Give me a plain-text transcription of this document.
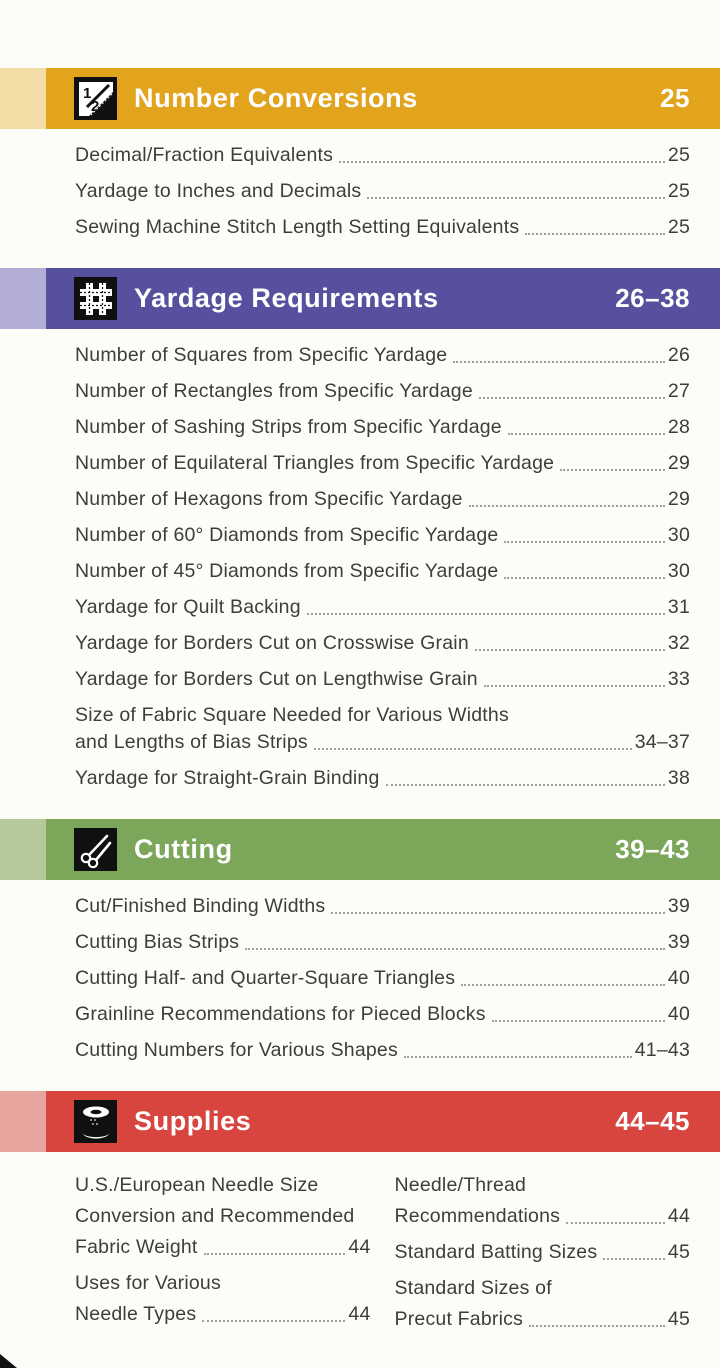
1
2 Number Conversions	25
Decimal/Fraction Equivalents	25
Yardage to Inches and Decimals	25
Sewing Machine Stitch Length Setting Equivalents	25
Yardage Requirements	26–38
Number of Squares from Specific Yardage	26
Number of Rectangles from Specific Yardage	27
Number of Sashing Strips from Specific Yardage	28
Number of Equilateral Triangles from Specific Yardage	29
Number of Hexagons from Specific Yardage	29
Number of 60° Diamonds from Specific Yardage	30
Number of 45° Diamonds from Specific Yardage	30
Yardage for Quilt Backing	31
Yardage for Borders Cut on Crosswise Grain	32
Yardage for Borders Cut on Lengthwise Grain	33
Size of Fabric Square Needed for Various Widths
and Lengths of Bias Strips	34–37
Yardage for Straight-Grain Binding	38
Cutting	39–43
Cut/Finished Binding Widths	39
Cutting Bias Strips	39
Cutting Half- and Quarter-Square Triangles	40
Grainline Recommendations for Pieced Blocks	40
Cutting Numbers for Various Shapes	41–43
Supplies	44–45
U.S./European Needle Size
Conversion and Recommended
Fabric Weight	44
Uses for Various
Needle Types	44
Needle/Thread
Recommendations	44
Standard Batting Sizes	45
Standard Sizes of
Precut Fabrics	45
